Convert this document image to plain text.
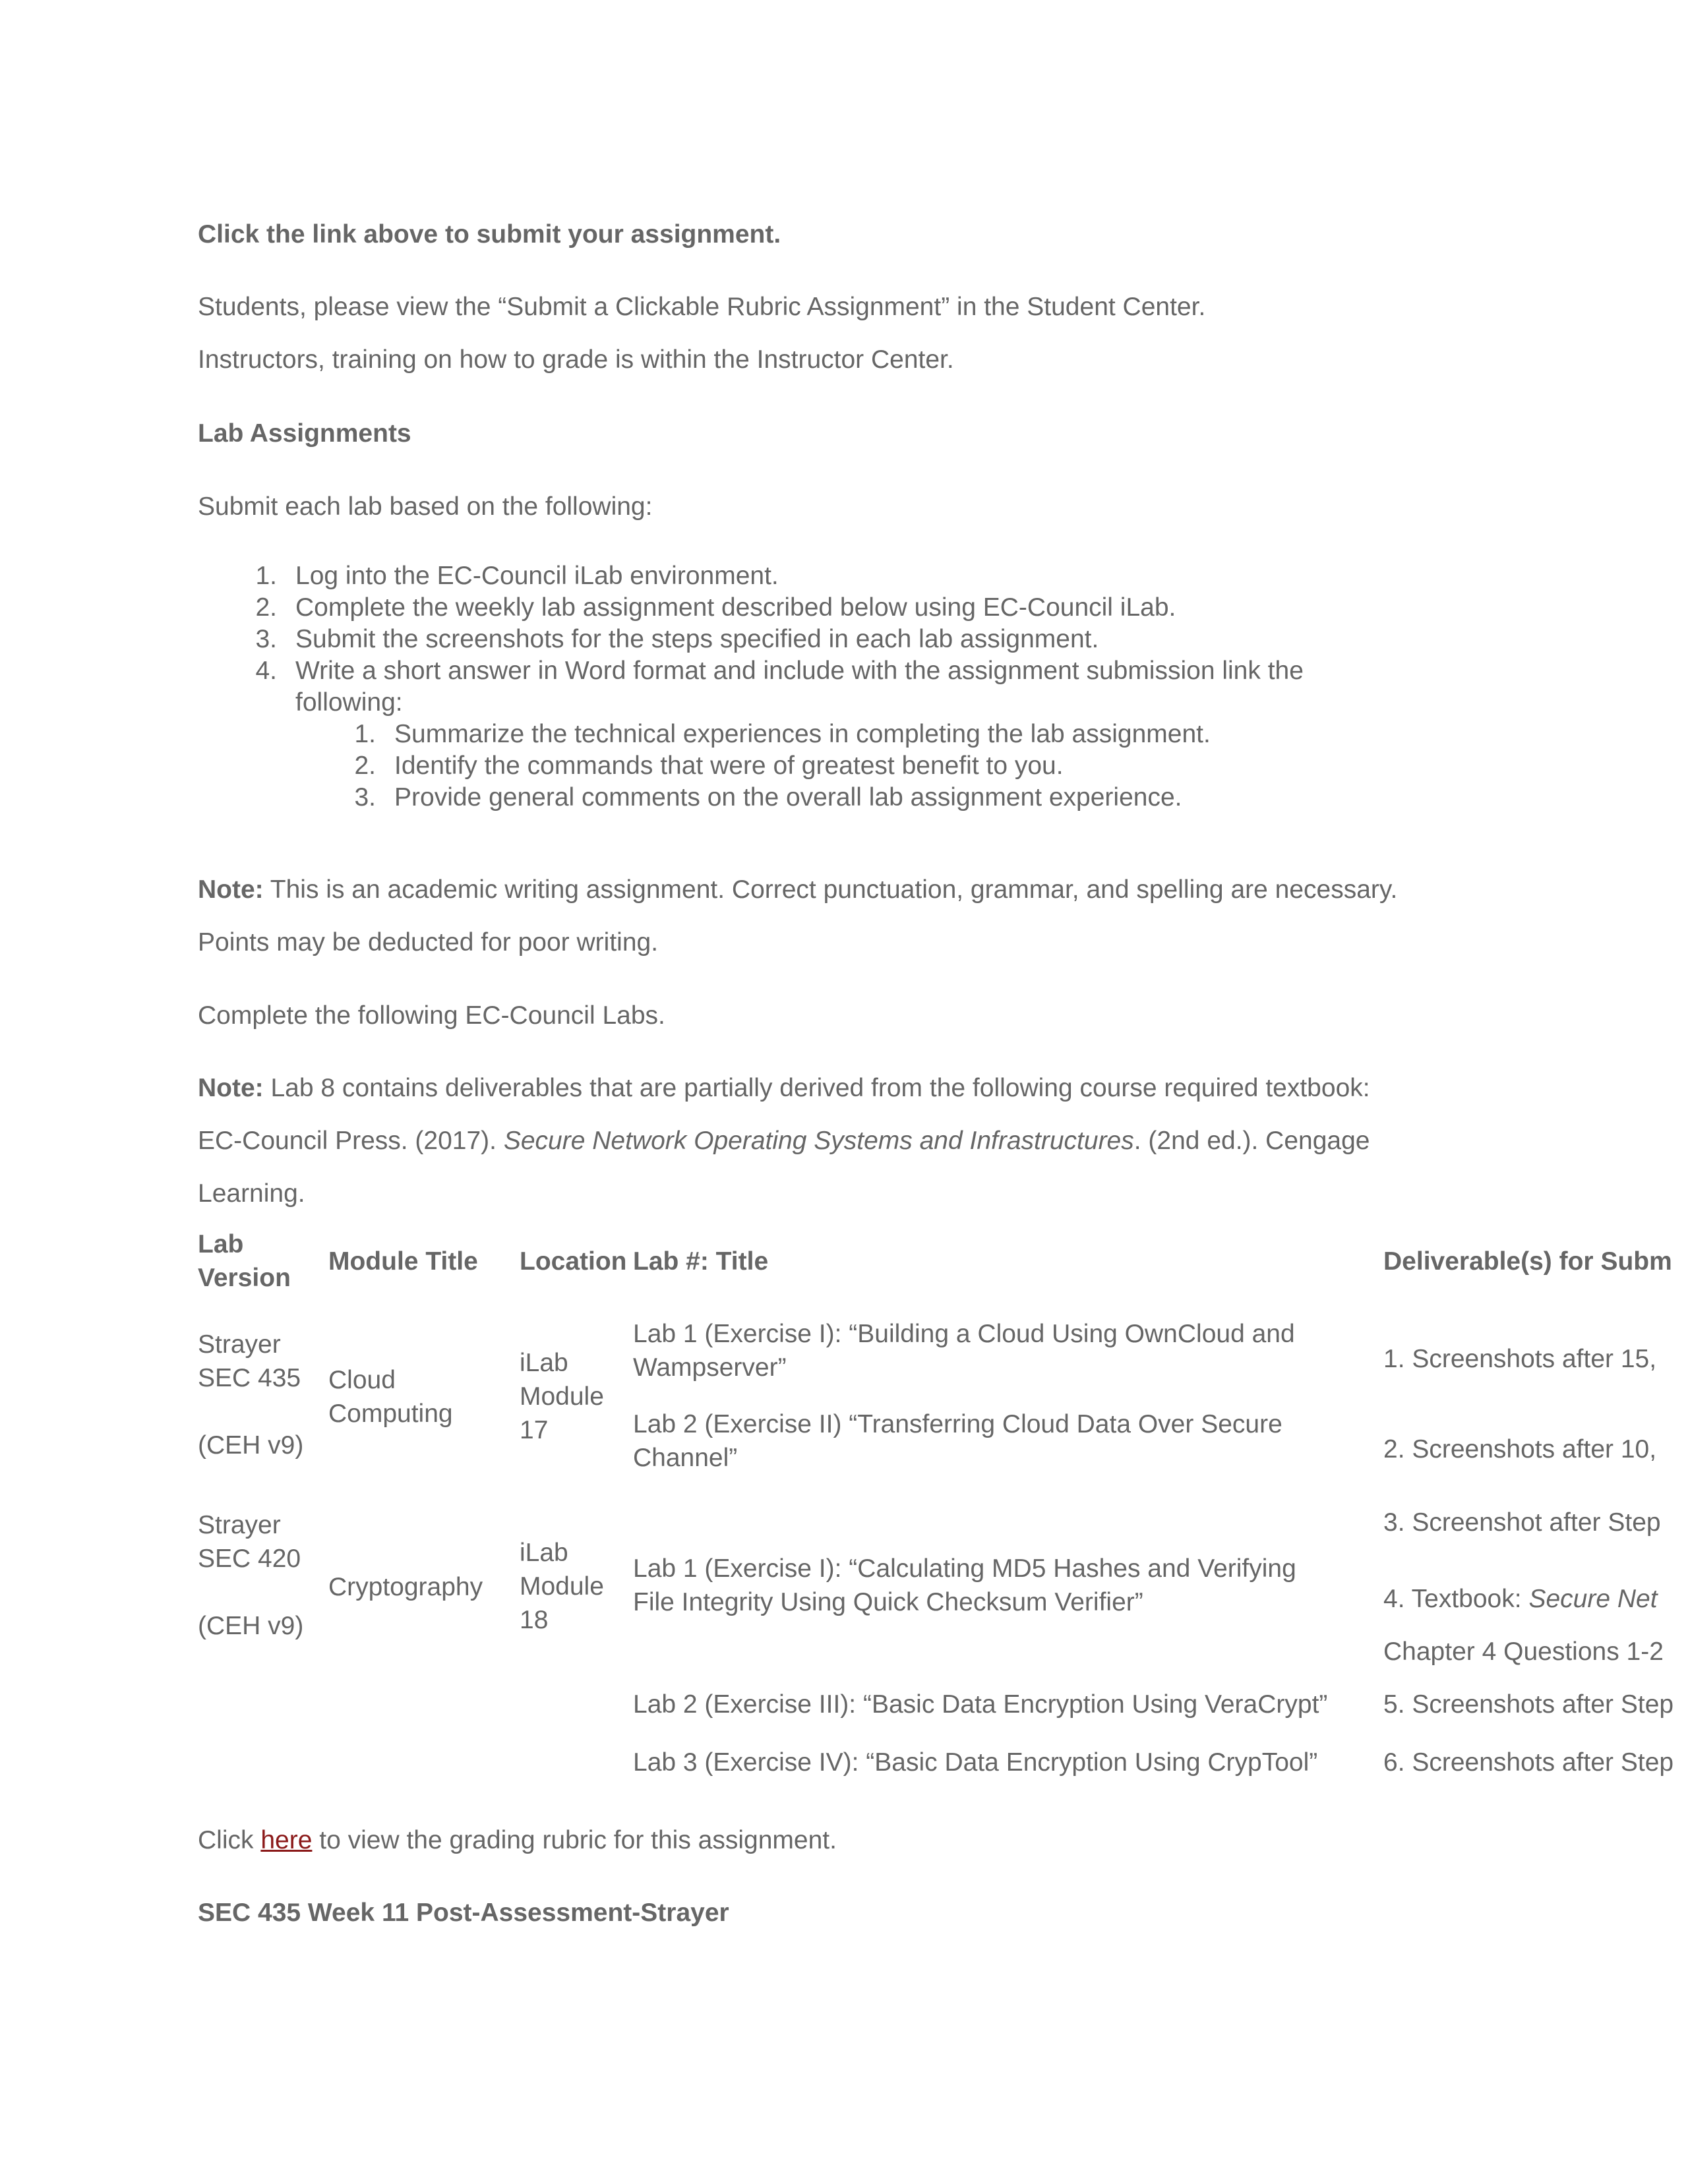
Click the link above to submit your assignment.
Students, please view the “Submit a Clickable Rubric Assignment” in the Student Center.
Instructors, training on how to grade is within the Instructor Center.
Lab Assignments
Submit each lab based on the following:
1. Log into the EC-Council iLab environment.
2. Complete the weekly lab assignment described below using EC-Council iLab.
3. Submit the screenshots for the steps specified in each lab assignment.
4. Write a short answer in Word format and include with the assignment submission link the
following:
1. Summarize the technical experiences in completing the lab assignment.
2. Identify the commands that were of greatest benefit to you.
3. Provide general comments on the overall lab assignment experience.
Note: This is an academic writing assignment. Correct punctuation, grammar, and spelling are necessary.
Points may be deducted for poor writing.
Complete the following EC-Council Labs.
Note: Lab 8 contains deliverables that are partially derived from the following course required textbook:
EC-Council Press. (2017). Secure Network Operating Systems and Infrastructures. (2nd ed.). Cengage
Learning.
Lab
Version
Module Title Location Lab #: Title	Deliverable(s) for Subm
Strayer
SEC 435
(CEH v9)
Cloud
Computing
iLab
Module
17
Lab 1 (Exercise I): “Building a Cloud Using OwnCloud and
Wampserver”
Lab 2 (Exercise II) “Transferring Cloud Data Over Secure
Channel”
Strayer
SEC 420
(CEH v9)
Cryptography
iLab
Module
18
Lab 1 (Exercise I): “Calculating MD5 Hashes and Verifying
File Integrity Using Quick Checksum Verifier”
Lab 2 (Exercise III): “Basic Data Encryption Using VeraCrypt”
Lab 3 (Exercise IV): “Basic Data Encryption Using CrypTool”
1. Screenshots after 15,
2. Screenshots after 10,
3. Screenshot after Step
4. Textbook: Secure Net
Chapter 4 Questions 1-2
5. Screenshots after Step
6. Screenshots after Step
Click here to view the grading rubric for this assignment.
SEC 435 Week 11 Post-Assessment-Strayer
